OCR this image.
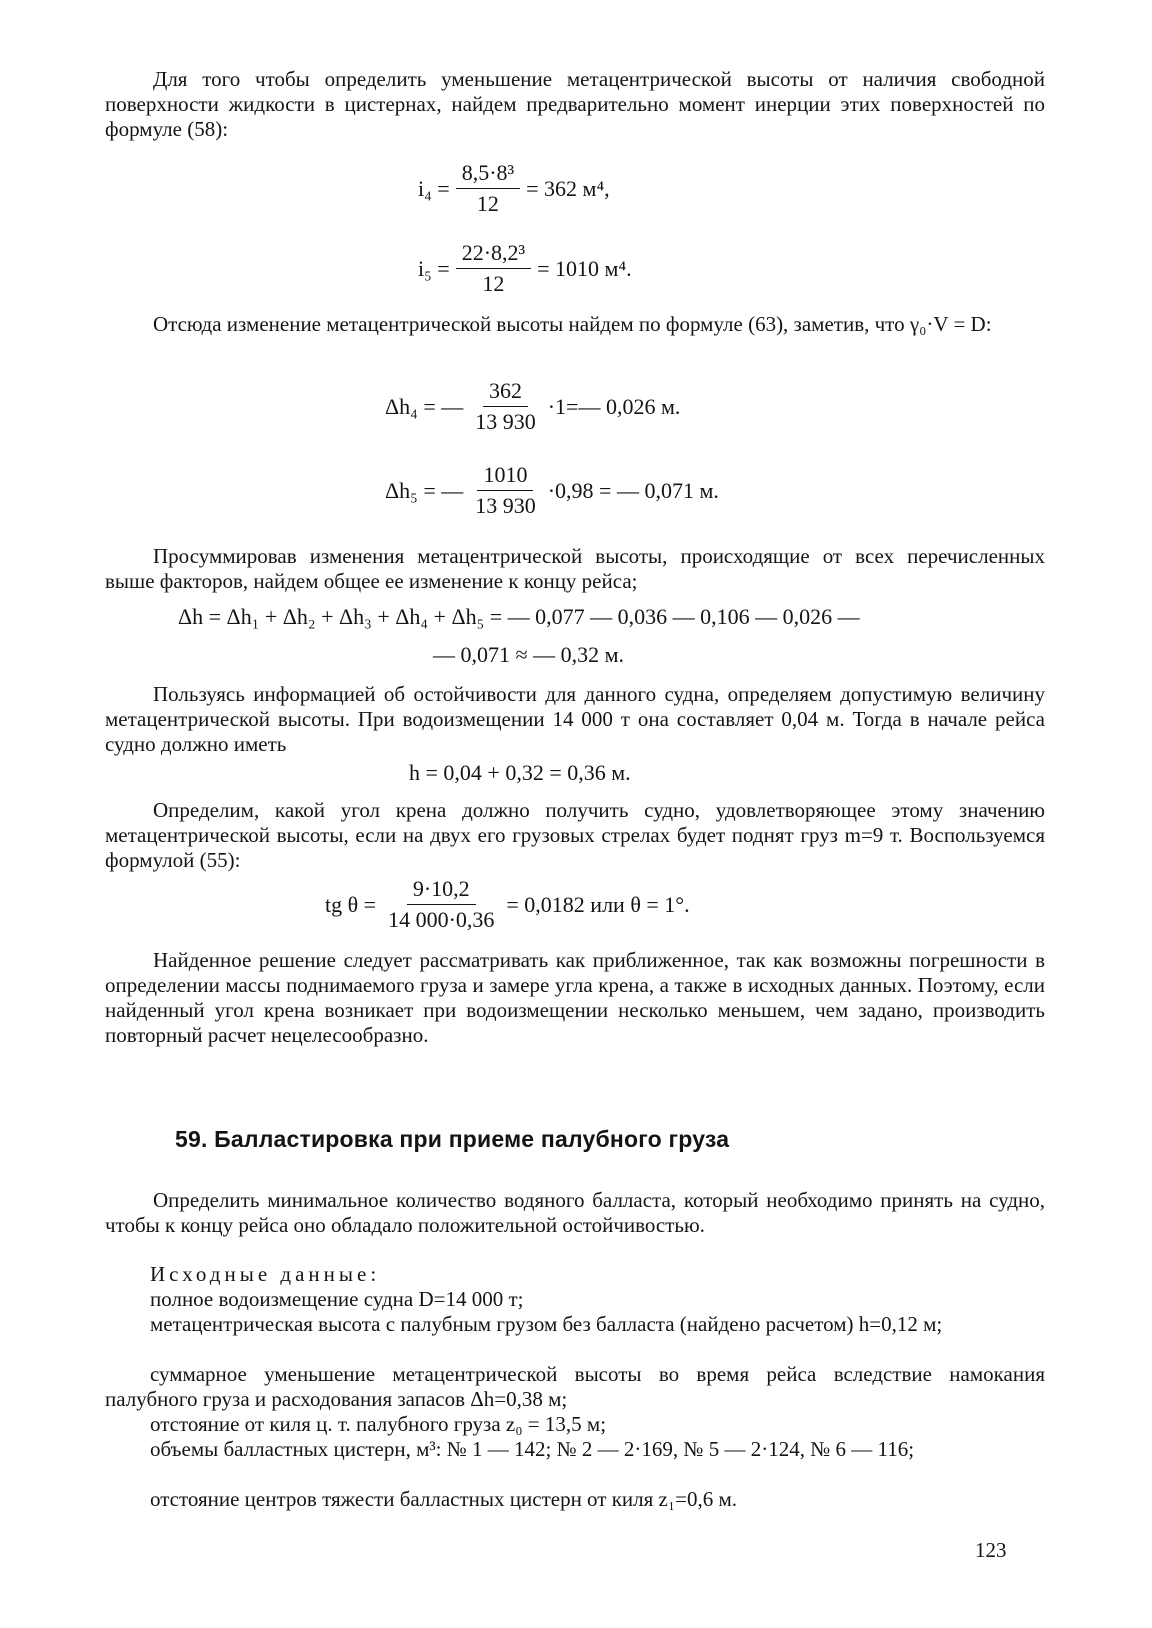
Для того чтобы определить уменьшение метацентрической высоты от наличия свободной поверхности жидкости в цистернах, найдем предварительно момент инерции этих поверхностей по формуле (58):

$i_4 = \frac{\text{8,5·8³}}{12} = 362$ м⁴,
$i_5 = \frac{\text{22·8,2³}}{12} = 1010$ м⁴.

Отсюда изменение метацентрической высоты найдем по формуле (63), заметив, что γ₀·V = D:

Δh₄ = — $\frac{362}{13 930}$ ·1=— 0,026 м.
Δh₅ = — $\frac{1010}{13 930} \cdot 0,98$ = — 0,071 м.

Просуммировав изменения метацентрической высоты, происходящие от всех перечисленных выше факторов, найдем общее ее изменение к концу рейса;

Δh = Δh₁ + Δh₂ + Δh₃ + Δh₄ + Δh₅ = — 0,077 — 0,036 — 0,106 — 0,026 —
— 0,071 ≈ — 0,32 м.

Пользуясь информацией об остойчивости для данного судна, определяем допустимую величину метацентрической высоты. При водоизмещении 14 000 т она составляет 0,04 м. Тогда в начале рейса судно должно иметь

h = 0,04 + 0,32 = 0,36 м.

Определим, какой угол крена должно получить судно, удовлетворяющее этому значению метацентрической высоты, если на двух его грузовых стрелах будет поднят груз m=9 т. Воспользуемся формулой (55):

tg $\theta = \frac{9\cdot 10,2}{14 000\cdot 0,36} = 0,0182$ или θ = 1°.

Найденное решение следует рассматривать как приближенное, так как возможны погрешности в определении массы поднимаемого груза и замере угла крена, а также в исходных данных. Поэтому, если найденный угол крена возникает при водоизмещении несколько меньшем, чем задано, производить повторный расчет нецелесообразно.

59. Балластировка при приеме палубного груза

Определить минимальное количество водяного балласта, который необходимо принять на судно, чтобы к концу рейса оно обладало положительной остойчивостью.

Исходные данные:

полное водоизмещение судна D=14 000 т;

метацентрическая высота с палубным грузом без балласта (найдено расчетом) h=0,12 м;

суммарное уменьшение метацентрической высоты во время рейса вследствие намокания палубного груза и расходования запасов Δh=0,38 м;

отстояние от киля ц. т. палубного груза z₀ = 13,5 м;

объемы балластных цистерн, м³: № 1 — 142; № 2 — 2·169, № 5 — 2·124, № 6 — 116;

отстояние центров тяжести балластных цистерн от киля z₁=0,6 м.

123
